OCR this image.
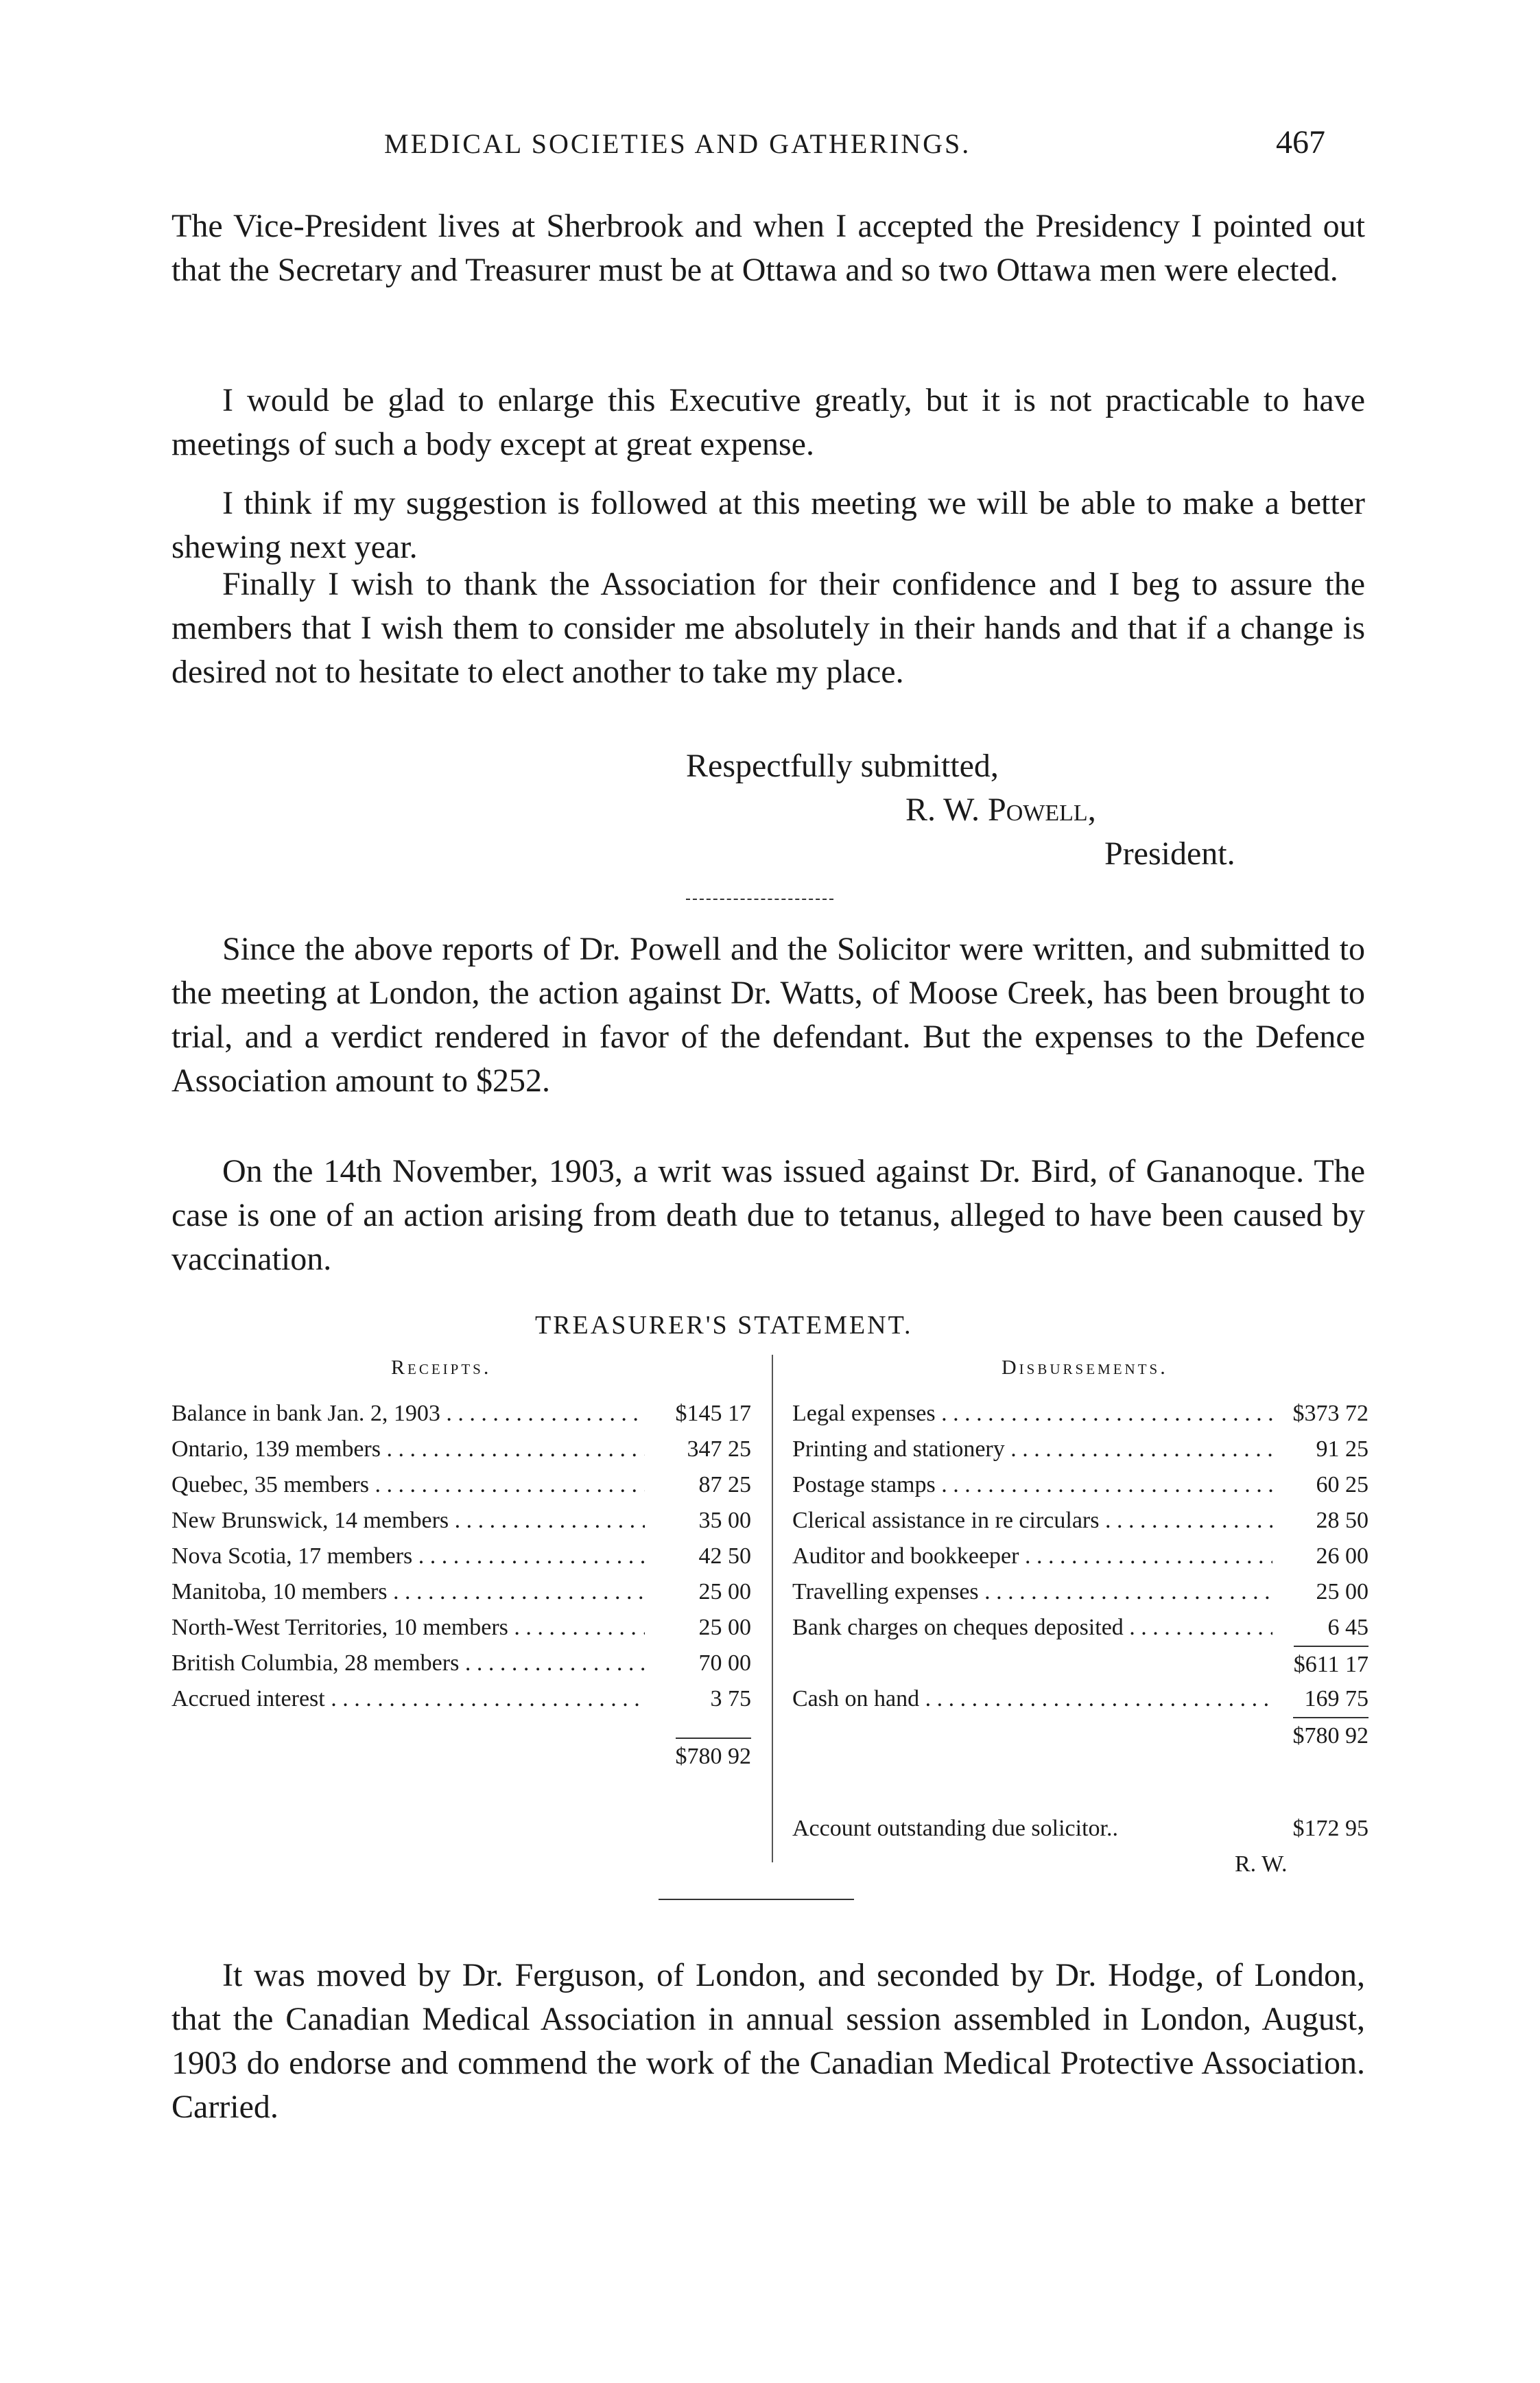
MEDICAL SOCIETIES AND GATHERINGS.	467

The Vice-President lives at Sherbrook and when I accepted the Presidency I pointed out that the Secretary and Treasurer must be at Ottawa and so two Ottawa men were elected.

I would be glad to enlarge this Executive greatly, but it is not practicable to have meetings of such a body except at great expense.

I think if my suggestion is followed at this meeting we will be able to make a better shewing next year.

Finally I wish to thank the Association for their confidence and I beg to assure the members that I wish them to consider me absolutely in their hands and that if a change is desired not to hesitate to elect another to take my place.

Respectfully submitted,
R. W. Powell,
President.

Since the above reports of Dr. Powell and the Solicitor were written, and submitted to the meeting at London, the action against Dr. Watts, of Moose Creek, has been brought to trial, and a verdict rendered in favor of the defendant. But the expenses to the Defence Association amount to $252.

On the 14th November, 1903, a writ was issued against Dr. Bird, of Gananoque. The case is one of an action arising from death due to tetanus, alleged to have been caused by vaccination.

TREASURER'S STATEMENT.
Receipts.	Disbursements.
Balance in bank Jan. 2, 1903 . . .	$145 17
Ontario, 139 members . . .	347 25
Quebec, 35 members . . .	87 25
New Brunswick, 14 members . . .	35 00
Nova Scotia, 17 members . . .	42 50
Manitoba, 10 members . . .	25 00
North-West Territories, 10 members . . .	25 00
British Columbia, 28 members . . .	70 00
Accrued interest . . .	3 75
$780 92
Legal expenses . . .	$373 72
Printing and stationery . . .	91 25
Postage stamps . . .	60 25
Clerical assistance in re circulars . . .	28 50
Auditor and bookkeeper . . .	26 00
Travelling expenses . . .	25 00
Bank charges on cheques deposited . . .	6 45
$611 17
Cash on hand . . .	169 75
$780 92
Account outstanding due solicitor..	$172 95
R. W.

It was moved by Dr. Ferguson, of London, and seconded by Dr. Hodge, of London, that the Canadian Medical Association in annual session assembled in London, August, 1903 do endorse and commend the work of the Canadian Medical Protective Association. Carried.
